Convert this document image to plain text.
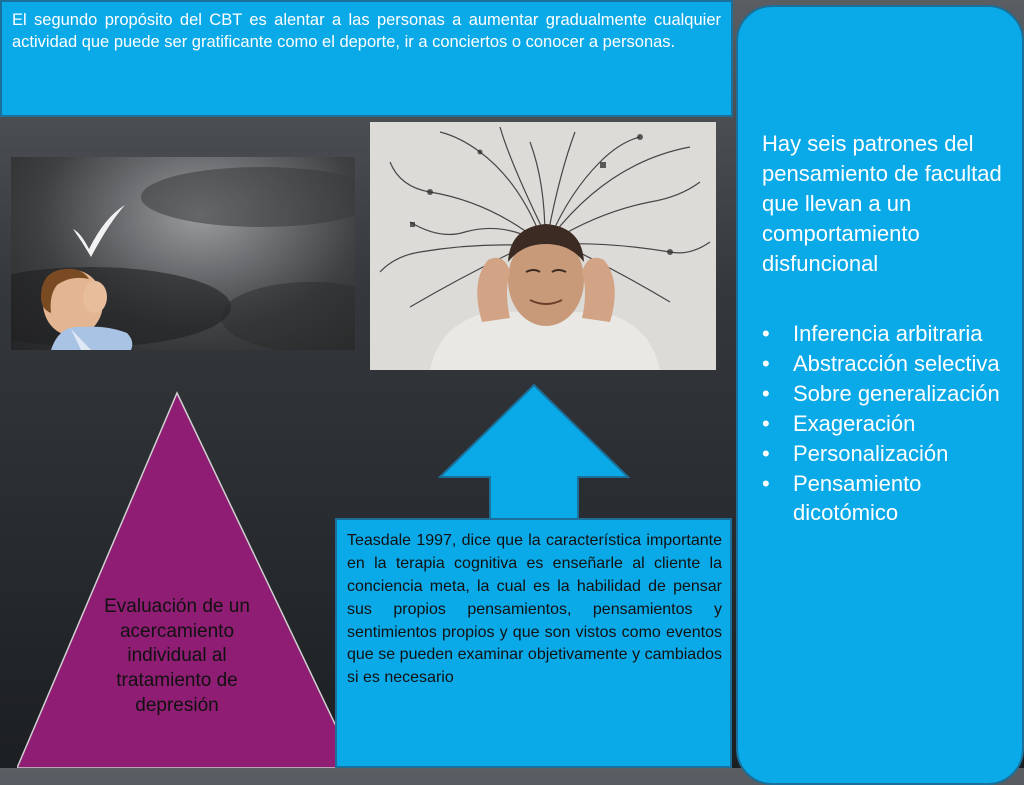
El segundo propósito del CBT es alentar a las personas a aumentar gradualmente cualquier actividad que puede ser gratificante como el deporte, ir a conciertos o conocer a personas.
Evaluación de un acercamiento individual al tratamiento de depresión
Teasdale 1997, dice que la característica importante en la terapia cognitiva es enseñarle al cliente la conciencia meta, la cual es la habilidad de pensar sus propios pensamientos, pensamientos y sentimientos propios y que son vistos como eventos que se pueden examinar objetivamente y cambiados si es necesario
Hay seis patrones del pensamiento de facultad que llevan a un comportamiento disfuncional
• Inferencia arbitraria
• Abstracción selectiva
• Sobre generalización
• Exageración
• Personalización
• Pensamiento dicotómico
